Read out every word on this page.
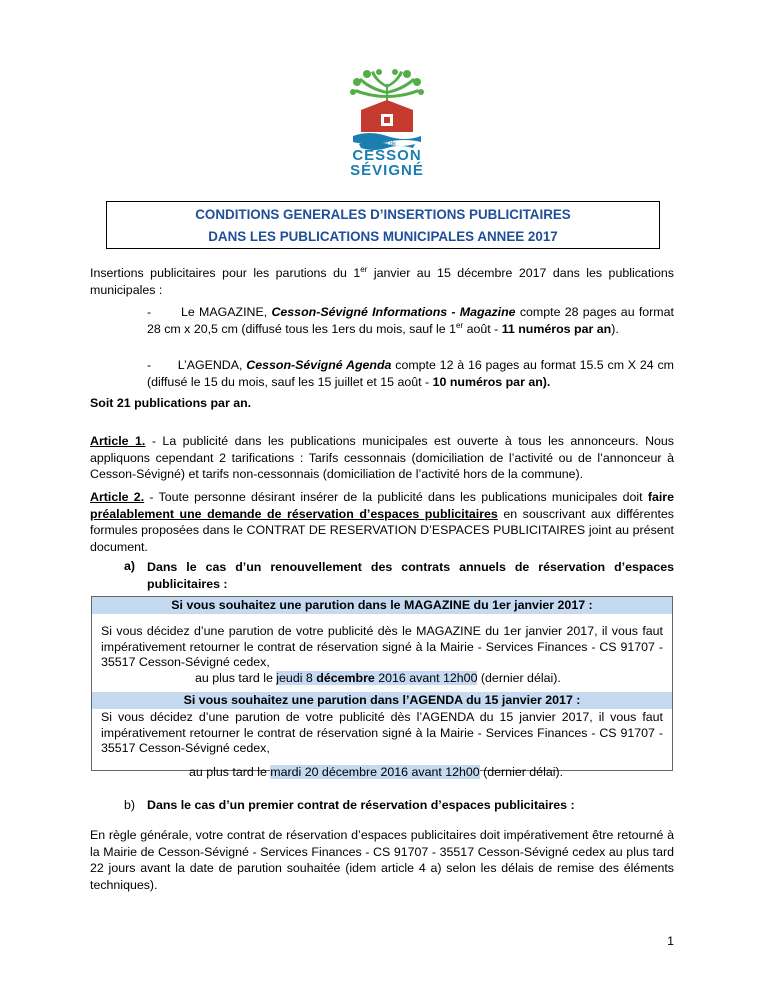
Ville de
CESSON
SÉVIGNÉ
CONDITIONS GENERALES D’INSERTIONS PUBLICITAIRES
DANS LES PUBLICATIONS MUNICIPALES ANNEE 2017
Insertions publicitaires pour les parutions du 1er janvier au 15 décembre 2017 dans les publications municipales :
- Le MAGAZINE, Cesson-Sévigné Informations - Magazine compte 28 pages au format 28 cm x 20,5 cm (diffusé tous les 1ers du mois, sauf le 1er août - 11 numéros par an).
- L’AGENDA, Cesson-Sévigné Agenda compte 12 à 16 pages au format 15.5 cm X 24 cm (diffusé le 15 du mois, sauf les 15 juillet et 15 août - 10 numéros par an).
Soit 21 publications par an.
Article 1. - La publicité dans les publications municipales est ouverte à tous les annonceurs. Nous appliquons cependant 2 tarifications : Tarifs cessonnais (domiciliation de l’activité ou de l’annonceur à Cesson-Sévigné) et tarifs non-cessonnais (domiciliation de l’activité hors de la commune).
Article 2. - Toute personne désirant insérer de la publicité dans les publications municipales doit faire préalablement une demande de réservation d’espaces publicitaires en souscrivant aux différentes formules proposées dans le CONTRAT DE RESERVATION D’ESPACES PUBLICITAIRES joint au présent document.
a) Dans le cas d’un renouvellement des contrats annuels de réservation d’espaces publicitaires :
Si vous souhaitez une parution dans le MAGAZINE du 1er janvier 2017 :
Si vous décidez d’une parution de votre publicité dès le MAGAZINE du 1er janvier 2017, il vous faut impérativement retourner le contrat de réservation signé à la Mairie - Services Finances - CS 91707 - 35517 Cesson-Sévigné cedex,
au plus tard le jeudi 8 décembre 2016 avant 12h00 (dernier délai).
Si vous souhaitez une parution dans l’AGENDA du 15 janvier 2017 :
Si vous décidez d’une parution de votre publicité dès l’AGENDA du 15 janvier 2017, il vous faut impérativement retourner le contrat de réservation signé à la Mairie - Services Finances - CS 91707 - 35517 Cesson-Sévigné cedex,
au plus tard le mardi 20 décembre 2016 avant 12h00 (dernier délai).
b) Dans le cas d’un premier contrat de réservation d’espaces publicitaires :
En règle générale, votre contrat de réservation d’espaces publicitaires doit impérativement être retourné à la Mairie de Cesson-Sévigné - Services Finances - CS 91707 - 35517 Cesson-Sévigné cedex au plus tard 22 jours avant la date de parution souhaitée (idem article 4 a) selon les délais de remise des éléments techniques).
1
